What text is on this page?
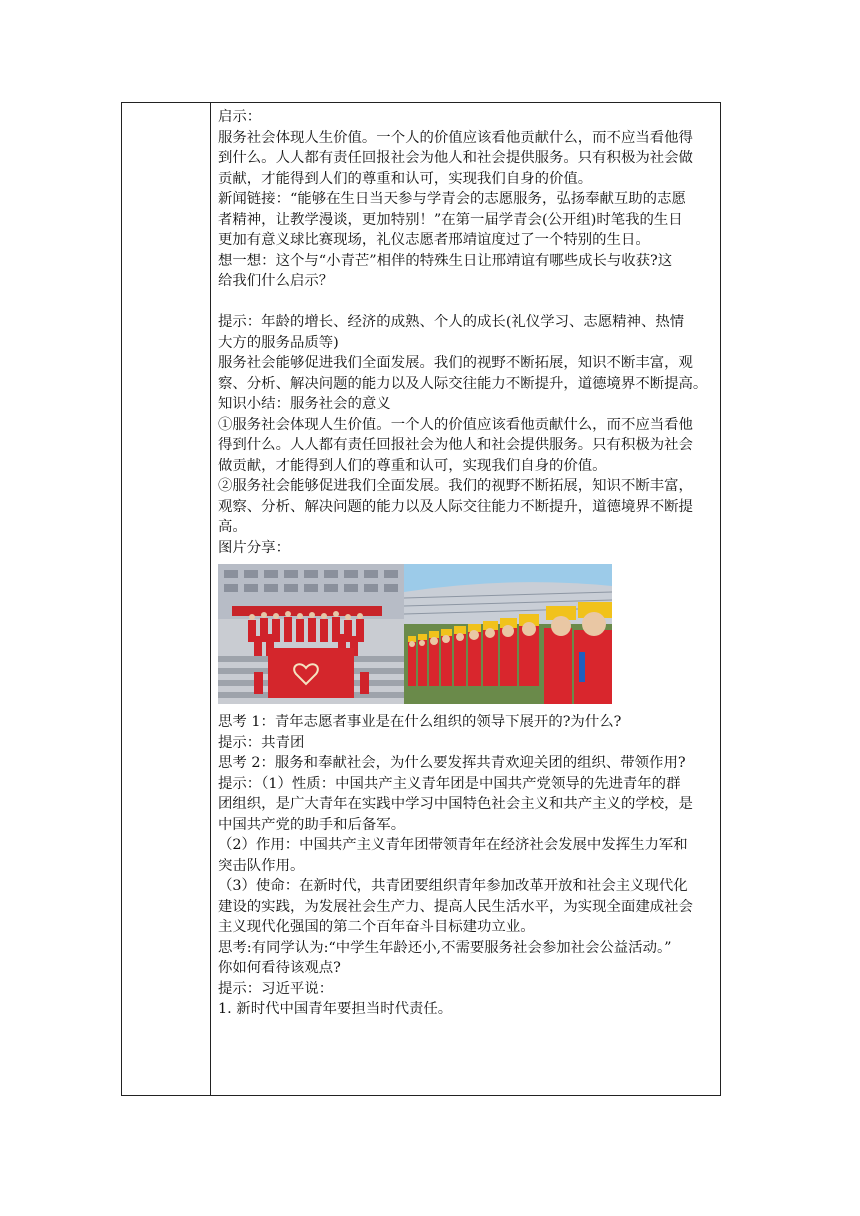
启示：

服务社会体现人生价值。一个人的价值应该看他贡献什么，而不应当看他得

到什么。人人都有责任回报社会为他人和社会提供服务。只有积极为社会做

贡献，才能得到人们的尊重和认可，实现我们自身的价值。

新闻链接：“能够在生日当天参与学青会的志愿服务，弘扬奉献互助的志愿

者精神，让教学漫谈，更加特别！”在第一届学青会(公开组)时笔我的生日

更加有意义球比赛现场，礼仪志愿者邢靖谊度过了一个特别的生日。

想一想：这个与“小青芒”相伴的特殊生日让邢靖谊有哪些成长与收获?这

给我们什么启示？

提示：年龄的增长、经济的成熟、个人的成长(礼仪学习、志愿精神、热情

大方的服务品质等)

服务社会能够促进我们全面发展。我们的视野不断拓展，知识不断丰富，观

察、分析、解决问题的能力以及人际交往能力不断提升，道德境界不断提高。

知识小结：服务社会的意义

①服务社会体现人生价值。一个人的价值应该看他贡献什么，而不应当看他

得到什么。人人都有责任回报社会为他人和社会提供服务。只有积极为社会

做贡献，才能得到人们的尊重和认可，实现我们自身的价值。

②服务社会能够促进我们全面发展。我们的视野不断拓展，知识不断丰富，

观察、分析、解决问题的能力以及人际交往能力不断提升，道德境界不断提

高。

图片分享：

思考 1：青年志愿者事业是在什么组织的领导下展开的?为什么?

提示：共青团

思考 2：服务和奉献社会，为什么要发挥共青欢迎关团的组织、带领作用?

提示：（1）性质：中国共产主义青年团是中国共产党领导的先进青年的群

团组织，是广大青年在实践中学习中国特色社会主义和共产主义的学校，是

中国共产党的助手和后备军。

（2）作用：中国共产主义青年团带领青年在经济社会发展中发挥生力军和

突击队作用。

（3）使命：在新时代，共青团要组织青年参加改革开放和社会主义现代化

建设的实践，为发展社会生产力、提高人民生活水平，为实现全面建成社会

主义现代化强国的第二个百年奋斗目标建功立业。

思考:有同学认为:“中学生年龄还小,不需要服务社会参加社会公益活动。”

你如何看待该观点?

提示：习近平说：

1. 新时代中国青年要担当时代责任。
